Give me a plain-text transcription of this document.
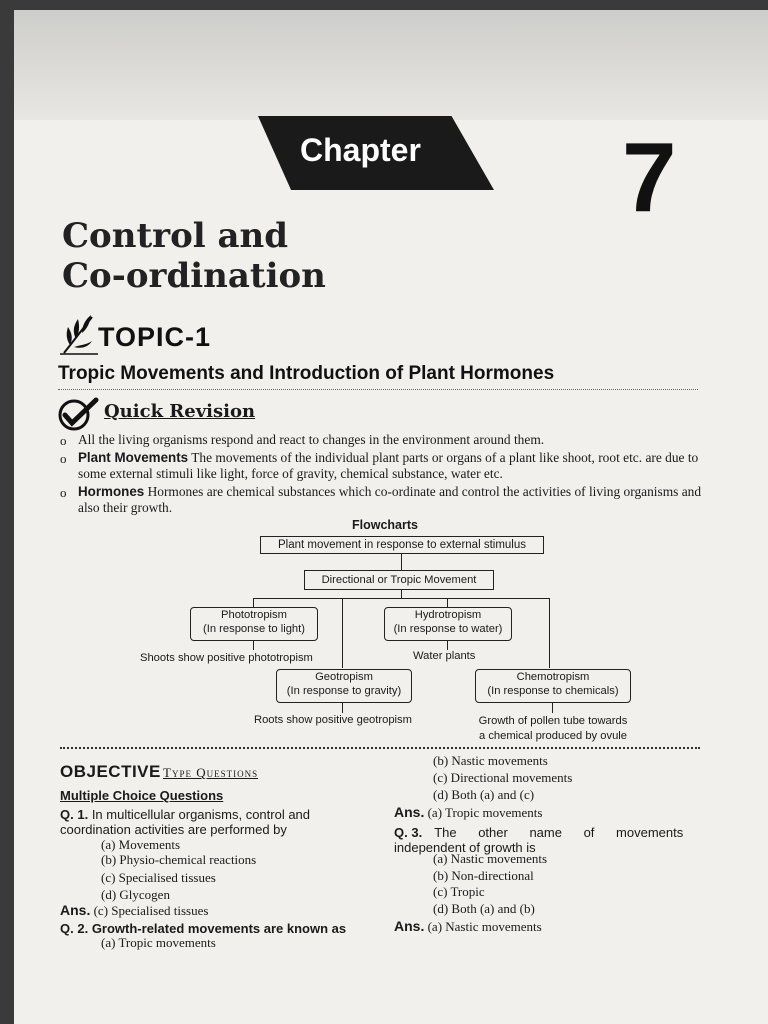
Chapter 7
Control and
Co-ordination
TOPIC-1
Tropic Movements and Introduction of Plant Hormones
Quick Revision
o All the living organisms respond and react to changes in the environment around them.
o Plant Movements The movements of the individual plant parts or organs of a plant like shoot, root etc. are due to some external stimuli like light, force of gravity, chemical substance, water etc.
o Hormones Hormones are chemical substances which co-ordinate and control the activities of living organisms and also their growth.
Flowcharts
Plant movement in response to external stimulus
Directional or Tropic Movement
Phototropism
(In response to light)
Shoots show positive phototropism
Hydrotropism
(In response to water)
Water plants
Geotropism
(In response to gravity)
Roots show positive geotropism
Chemotropism
(In response to chemicals)
Growth of pollen tube towards
a chemical produced by ovule
OBJECTIVE Type Questions
Multiple Choice Questions
Q. 1. In multicellular organisms, control and coordination activities are performed by
(a) Movements
(b) Physio-chemical reactions
(c) Specialised tissues
(d) Glycogen
Ans. (c) Specialised tissues
Q. 2. Growth-related movements are known as
(a) Tropic movements
(b) Nastic movements
(c) Directional movements
(d) Both (a) and (c)
Ans. (a) Tropic movements
Q. 3. The other name of movements
independent of growth is
(a) Nastic movements
(b) Non-directional
(c) Tropic
(d) Both (a) and (b)
Ans. (a) Nastic movements
